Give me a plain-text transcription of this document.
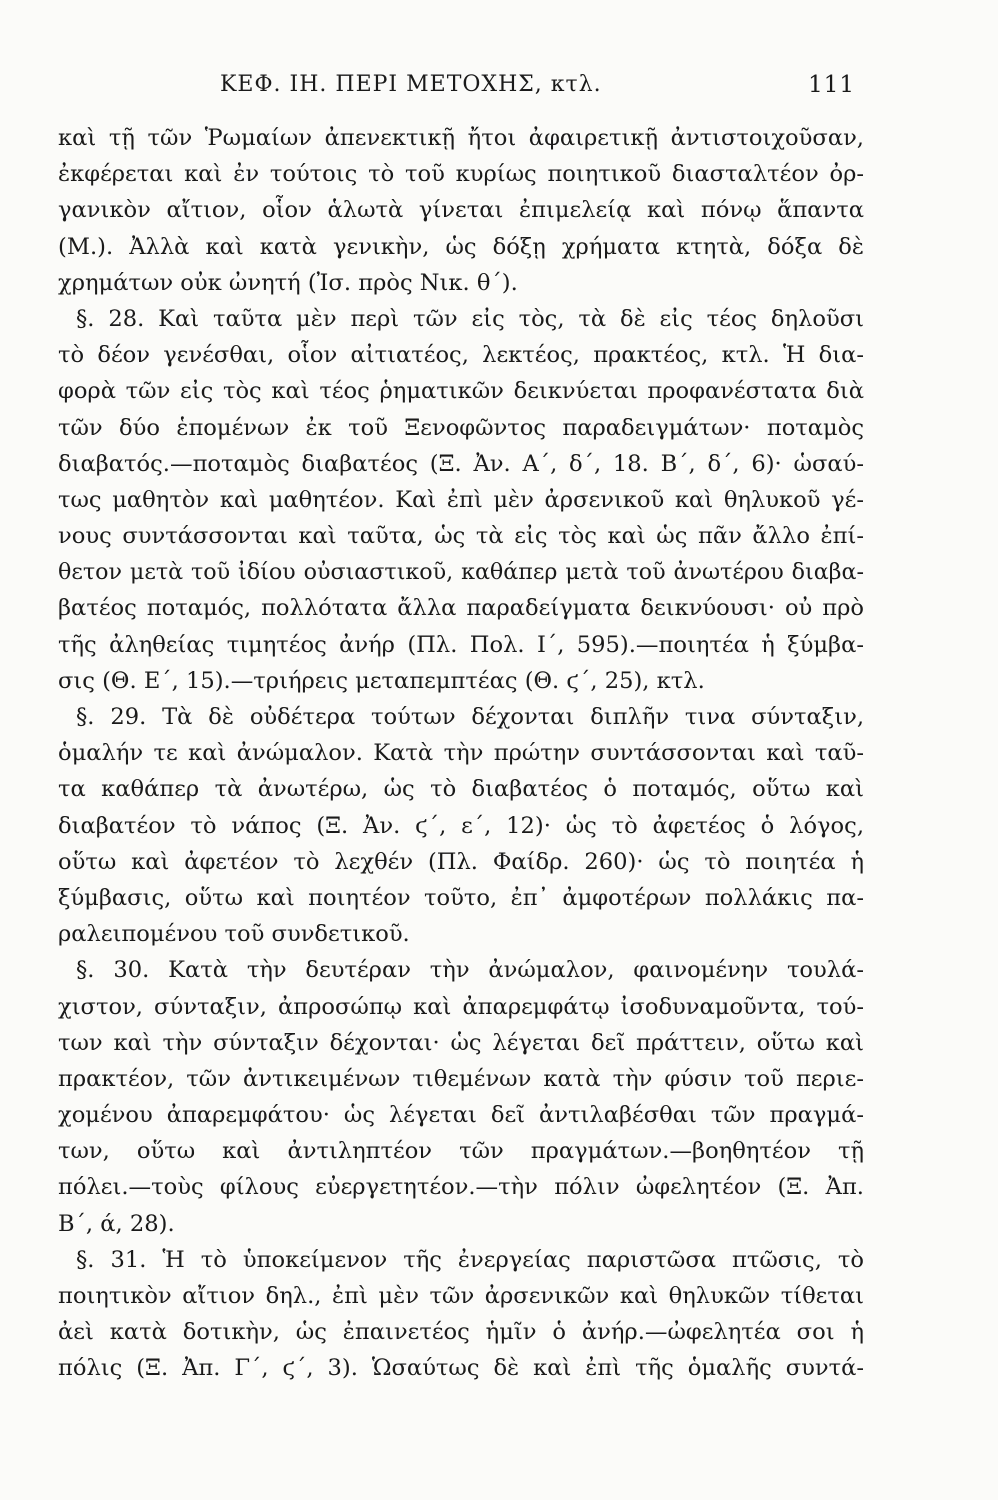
ΚΕΦ. ΙΗ. ΠΕΡΙ ΜΕΤΟΧΗΣ, κτλ.	111
καὶ τῇ τῶν Ῥωμαίων ἀπενεκτικῇ ἤτοι ἀφαιρετικῇ ἀντιστοιχοῦσαν,
ἐκφέρεται καὶ ἐν τούτοις τὸ τοῦ κυρίως ποιητικοῦ διασταλτέον ὀρ-
γανικὸν αἴτιον, οἷον ἁλωτὰ γίνεται ἐπιμελείᾳ καὶ πόνῳ ἅπαντα
(Μ.). Ἀλλὰ καὶ κατὰ γενικὴν, ὡς δόξῃ χρήματα κτητὰ, δόξα δὲ
χρημάτων οὐκ ὠνητή (Ἰσ. πρὸς Νικ. θ΄).
§. 28. Καὶ ταῦτα μὲν περὶ τῶν εἰς τὸς, τὰ δὲ εἰς τέος δηλοῦσι
τὸ δέον γενέσθαι, οἷον αἰτιατέος, λεκτέος, πρακτέος, κτλ. Ἡ δια-
φορὰ τῶν εἰς τὸς καὶ τέος ῥηματικῶν δεικνύεται προφανέστατα διὰ
τῶν δύο ἑπομένων ἐκ τοῦ Ξενοφῶντος παραδειγμάτων· ποταμὸς
διαβατός.—ποταμὸς διαβατέος (Ξ. Ἀν. Α΄, δ΄, 18. Β΄, δ΄, 6)· ὡσαύ-
τως μαθητὸν καὶ μαθητέον. Καὶ ἐπὶ μὲν ἀρσενικοῦ καὶ θηλυκοῦ γέ-
νους συντάσσονται καὶ ταῦτα, ὡς τὰ εἰς τὸς καὶ ὡς πᾶν ἄλλο ἐπί-
θετον μετὰ τοῦ ἰδίου οὐσιαστικοῦ, καθάπερ μετὰ τοῦ ἀνωτέρου διαβα-
βατέος ποταμός, πολλότατα ἄλλα παραδείγματα δεικνύουσι· οὐ πρὸ
τῆς ἀληθείας τιμητέος ἀνήρ (Πλ. Πολ. Ι΄, 595).—ποιητέα ἡ ξύμβα-
σις (Θ. Ε΄, 15).—τριήρεις μεταπεμπτέας (Θ. ϛ΄, 25), κτλ.
§. 29. Τὰ δὲ οὐδέτερα τούτων δέχονται διπλῆν τινα σύνταξιν,
ὁμαλήν τε καὶ ἀνώμαλον. Κατὰ τὴν πρώτην συντάσσονται καὶ ταῦ-
τα καθάπερ τὰ ἀνωτέρω, ὡς τὸ διαβατέος ὁ ποταμός, οὕτω καὶ
διαβατέον τὸ νάπος (Ξ. Ἀν. ϛ΄, ε΄, 12)· ὡς τὸ ἀφετέος ὁ λόγος,
οὕτω καὶ ἀφετέον τὸ λεχθέν (Πλ. Φαίδρ. 260)· ὡς τὸ ποιητέα ἡ
ξύμβασις, οὕτω καὶ ποιητέον τοῦτο, ἐπ᾽ ἀμφοτέρων πολλάκις πα-
ραλειπομένου τοῦ συνδετικοῦ.
§. 30. Κατὰ τὴν δευτέραν τὴν ἀνώμαλον, φαινομένην τουλά-
χιστον, σύνταξιν, ἀπροσώπῳ καὶ ἀπαρεμφάτῳ ἰσοδυναμοῦντα, τού-
των καὶ τὴν σύνταξιν δέχονται· ὡς λέγεται δεῖ πράττειν, οὕτω καὶ
πρακτέον, τῶν ἀντικειμένων τιθεμένων κατὰ τὴν φύσιν τοῦ περιε-
χομένου ἀπαρεμφάτου· ὡς λέγεται δεῖ ἀντιλαβέσθαι τῶν πραγμά-
των, οὕτω καὶ ἀντιληπτέον τῶν πραγμάτων.—βοηθητέον τῇ
πόλει.—τοὺς φίλους εὐεργετητέον.—τὴν πόλιν ὠφελητέον (Ξ. Ἀπ.
Β΄, ά, 28).
§. 31. Ἡ τὸ ὑποκείμενον τῆς ἐνεργείας παριστῶσα πτῶσις, τὸ
ποιητικὸν αἴτιον δηλ., ἐπὶ μὲν τῶν ἀρσενικῶν καὶ θηλυκῶν τίθεται
ἀεὶ κατὰ δοτικὴν, ὡς ἐπαινετέος ἡμῖν ὁ ἀνήρ.—ὠφελητέα σοι ἡ
πόλις (Ξ. Ἀπ. Γ΄, ϛ΄, 3). Ὡσαύτως δὲ καὶ ἐπὶ τῆς ὁμαλῆς συντά-
